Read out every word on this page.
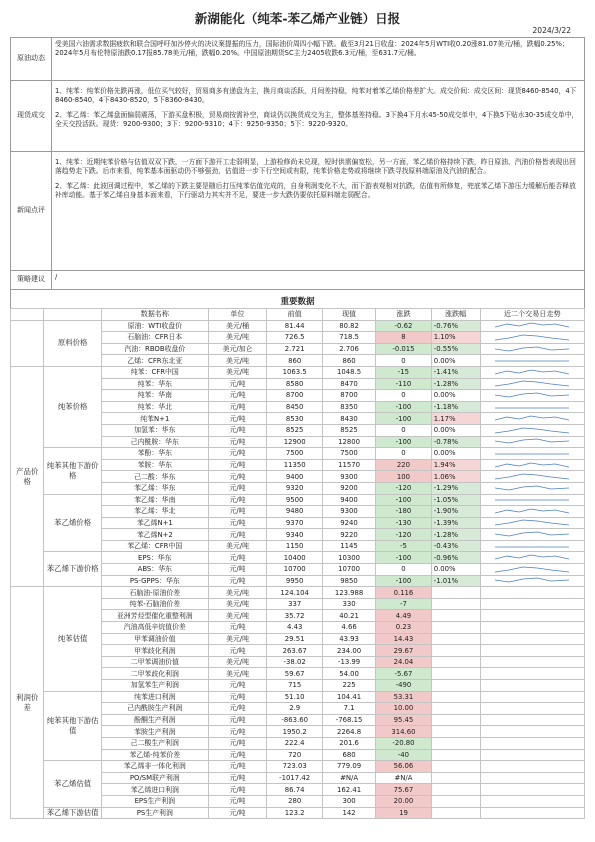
新湖能化（纯苯-苯乙烯产业链）日报
2024/3/22
原油动态	受美国六油需求数据疲软和联合国呼吁加沙停火的决议案提振的压力，国际油价周四小幅下跌。截至3月21日收盘：2024年5月WTI收0.20涨81.07美元/桶，跌幅0.25%；2024年5月布伦特原油跌0.17报85.78美元/桶，跌幅0.20%。中国原油期货SC主力2405收跌6.3元/桶，至631.7元/桶。

现货成交	1、纯苯：纯苯价格先跌再涨，低位买气较好，贸易商多有递盘为主，换月商谈活跃，月间差持稳，纯苯对着苯乙烯价格差扩大。成交价间：成交区间：现货8460-8540，4下8460-8540，4下8430-8520，5下8360-8430。
2、苯乙烯：苯乙烯盘面偏弱震荡，下游买盘积极，贸易商按需补空，商谈仍以换货成交为主，整体基差持稳。3下换4下月水45-50成交单中，4下换5下贴水30-35成交单中，全天交投活跃。现货：9200-9300；3下：9200-9310；4下：9250-9350；5下：9220-9320。

新闻点评	1、纯苯：近期纯苯价格与估值双双下跌，一方面下游开工走弱明显，上游检修尚未兑现，短时供需偏宽松，另一方面，苯乙烯价格持续下跌，昨日原油、汽油价格皆表现出回落趋势走下跌。后市来看，纯苯基本面驱动仍不够强劲，估值进一步下行空间或有限，纯苯价格走势或将继续下跌寻找原料端原油及汽油的配合。
2、苯乙烯：此波回调过程中，苯乙烯的下跌主要是随后打压纯苯估值完成的，自身利润变化不大，而下游表观相对抗跌，估值有所修复，兜底苯乙烯下游压力缓解后能否释放补库动能。基于苯乙烯自身基本面来看，下行驱动力其实并不足，要进一步大跌仍要依托原料端走弱配合。

策略建议	/
重要数据
		数据名称	单位	前值	现值	涨跌	涨跌幅	近二个交易日走势
	原料价格	原油：WTI收盘价	美元/桶	81.44	80.82	-0.62	-0.76%	

		石脑油：CFR日本	美元/吨	726.5	718.5	8	1.10%	

		汽油：RBOB收盘价	美元/加仑	2.721	2.706	-0.015	-0.55%	

		乙烯：CFR东北亚	美元/吨	860	860	0	0.00%	

产品价格	纯苯价格	纯苯：CFR中国	美元/吨	1063.5	1048.5	-15	-1.41%	

		纯苯：华东	元/吨	8580	8470	-110	-1.28%	

		纯苯：华南	元/吨	8700	8700	0	0.00%	

		纯苯：华北	元/吨	8450	8350	-100	-1.18%	

		纯苯N+1	元/吨	8530	8430	-100	1.17%	

		加氢苯：华东	元/吨	8525	8525	0	0.00%	

		己内酰胺：华东	元/吨	12900	12800	-100	-0.78%	

	纯苯其他下游价格	苯酚：华东	元/吨	7500	7500	0	0.00%	

		苯胺：华东	元/吨	11350	11570	220	1.94%	

		己二酸：华东	元/吨	9400	9300	100	1.06%	

		苯乙烯：华东	元/吨	9320	9200	-120	-1.29%	

	苯乙烯价格	苯乙烯：华南	元/吨	9500	9400	-100	-1.05%	

		苯乙烯：华北	元/吨	9480	9300	-180	-1.90%	

		苯乙烯N+1	元/吨	9370	9240	-130	-1.39%	

		苯乙烯N+2	元/吨	9340	9220	-120	-1.28%	

		苯乙烯：CFR中国	美元/吨	1150	1145	-5	-0.43%	

	苯乙烯下游价格	EPS：华东	元/吨	10400	10300	-100	-0.96%	

		ABS：华东	元/吨	10700	10700	0	0.00%	

		PS-GPPS：华东	元/吨	9950	9850	-100	-1.01%	

利润价差	纯苯估值	石脑油-原油价差	美元/吨	124.104	123.988	0.116		
		纯苯-石脑油价差	美元/吨	337	330	-7		
		亚洲芳烃型催化重整利润	美元/吨	35.72	40.21	4.49		
		汽油高低辛烷值价差	元/吨	4.43	4.66	0.23		
		甲苯调油价值	美元/吨	29.51	43.93	14.43		
		甲苯歧化利润	元/吨	263.67	234.00	29.67		
		二甲苯调油价值	美元/吨	-38.02	-13.99	24.04		
		二甲苯歧化利润	美元/吨	59.67	54.00	-5.67		
		加氢苯生产利润	元/吨	715	225	-490		
	纯苯其他下游估值	纯苯进口利润	元/吨	51.10	104.41	53.31		
		己内酰胺生产利润	元/吨	2.9	7.1	10.00		
		酚酮生产利润	元/吨	-863.60	-768.15	95.45		
		苯胺生产利润	元/吨	1950.2	2264.8	314.60		
		己二酸生产利润	元/吨	222.4	201.6	-20.80		
		苯乙烯-纯苯价差	元/吨	720	680	-40		
	苯乙烯估值	苯乙烯非一体化利润	元/吨	723.03	779.09	56.06		
		PO/SM联产利润	元/吨	-1017.42	#N/A	#N/A		
		苯乙烯进口利润	元/吨	86.74	162.41	75.67		
		EPS生产利润	元/吨	280	300	20.00		
	苯乙烯下游估值	PS生产利润	元/吨	123.2	142	19		
